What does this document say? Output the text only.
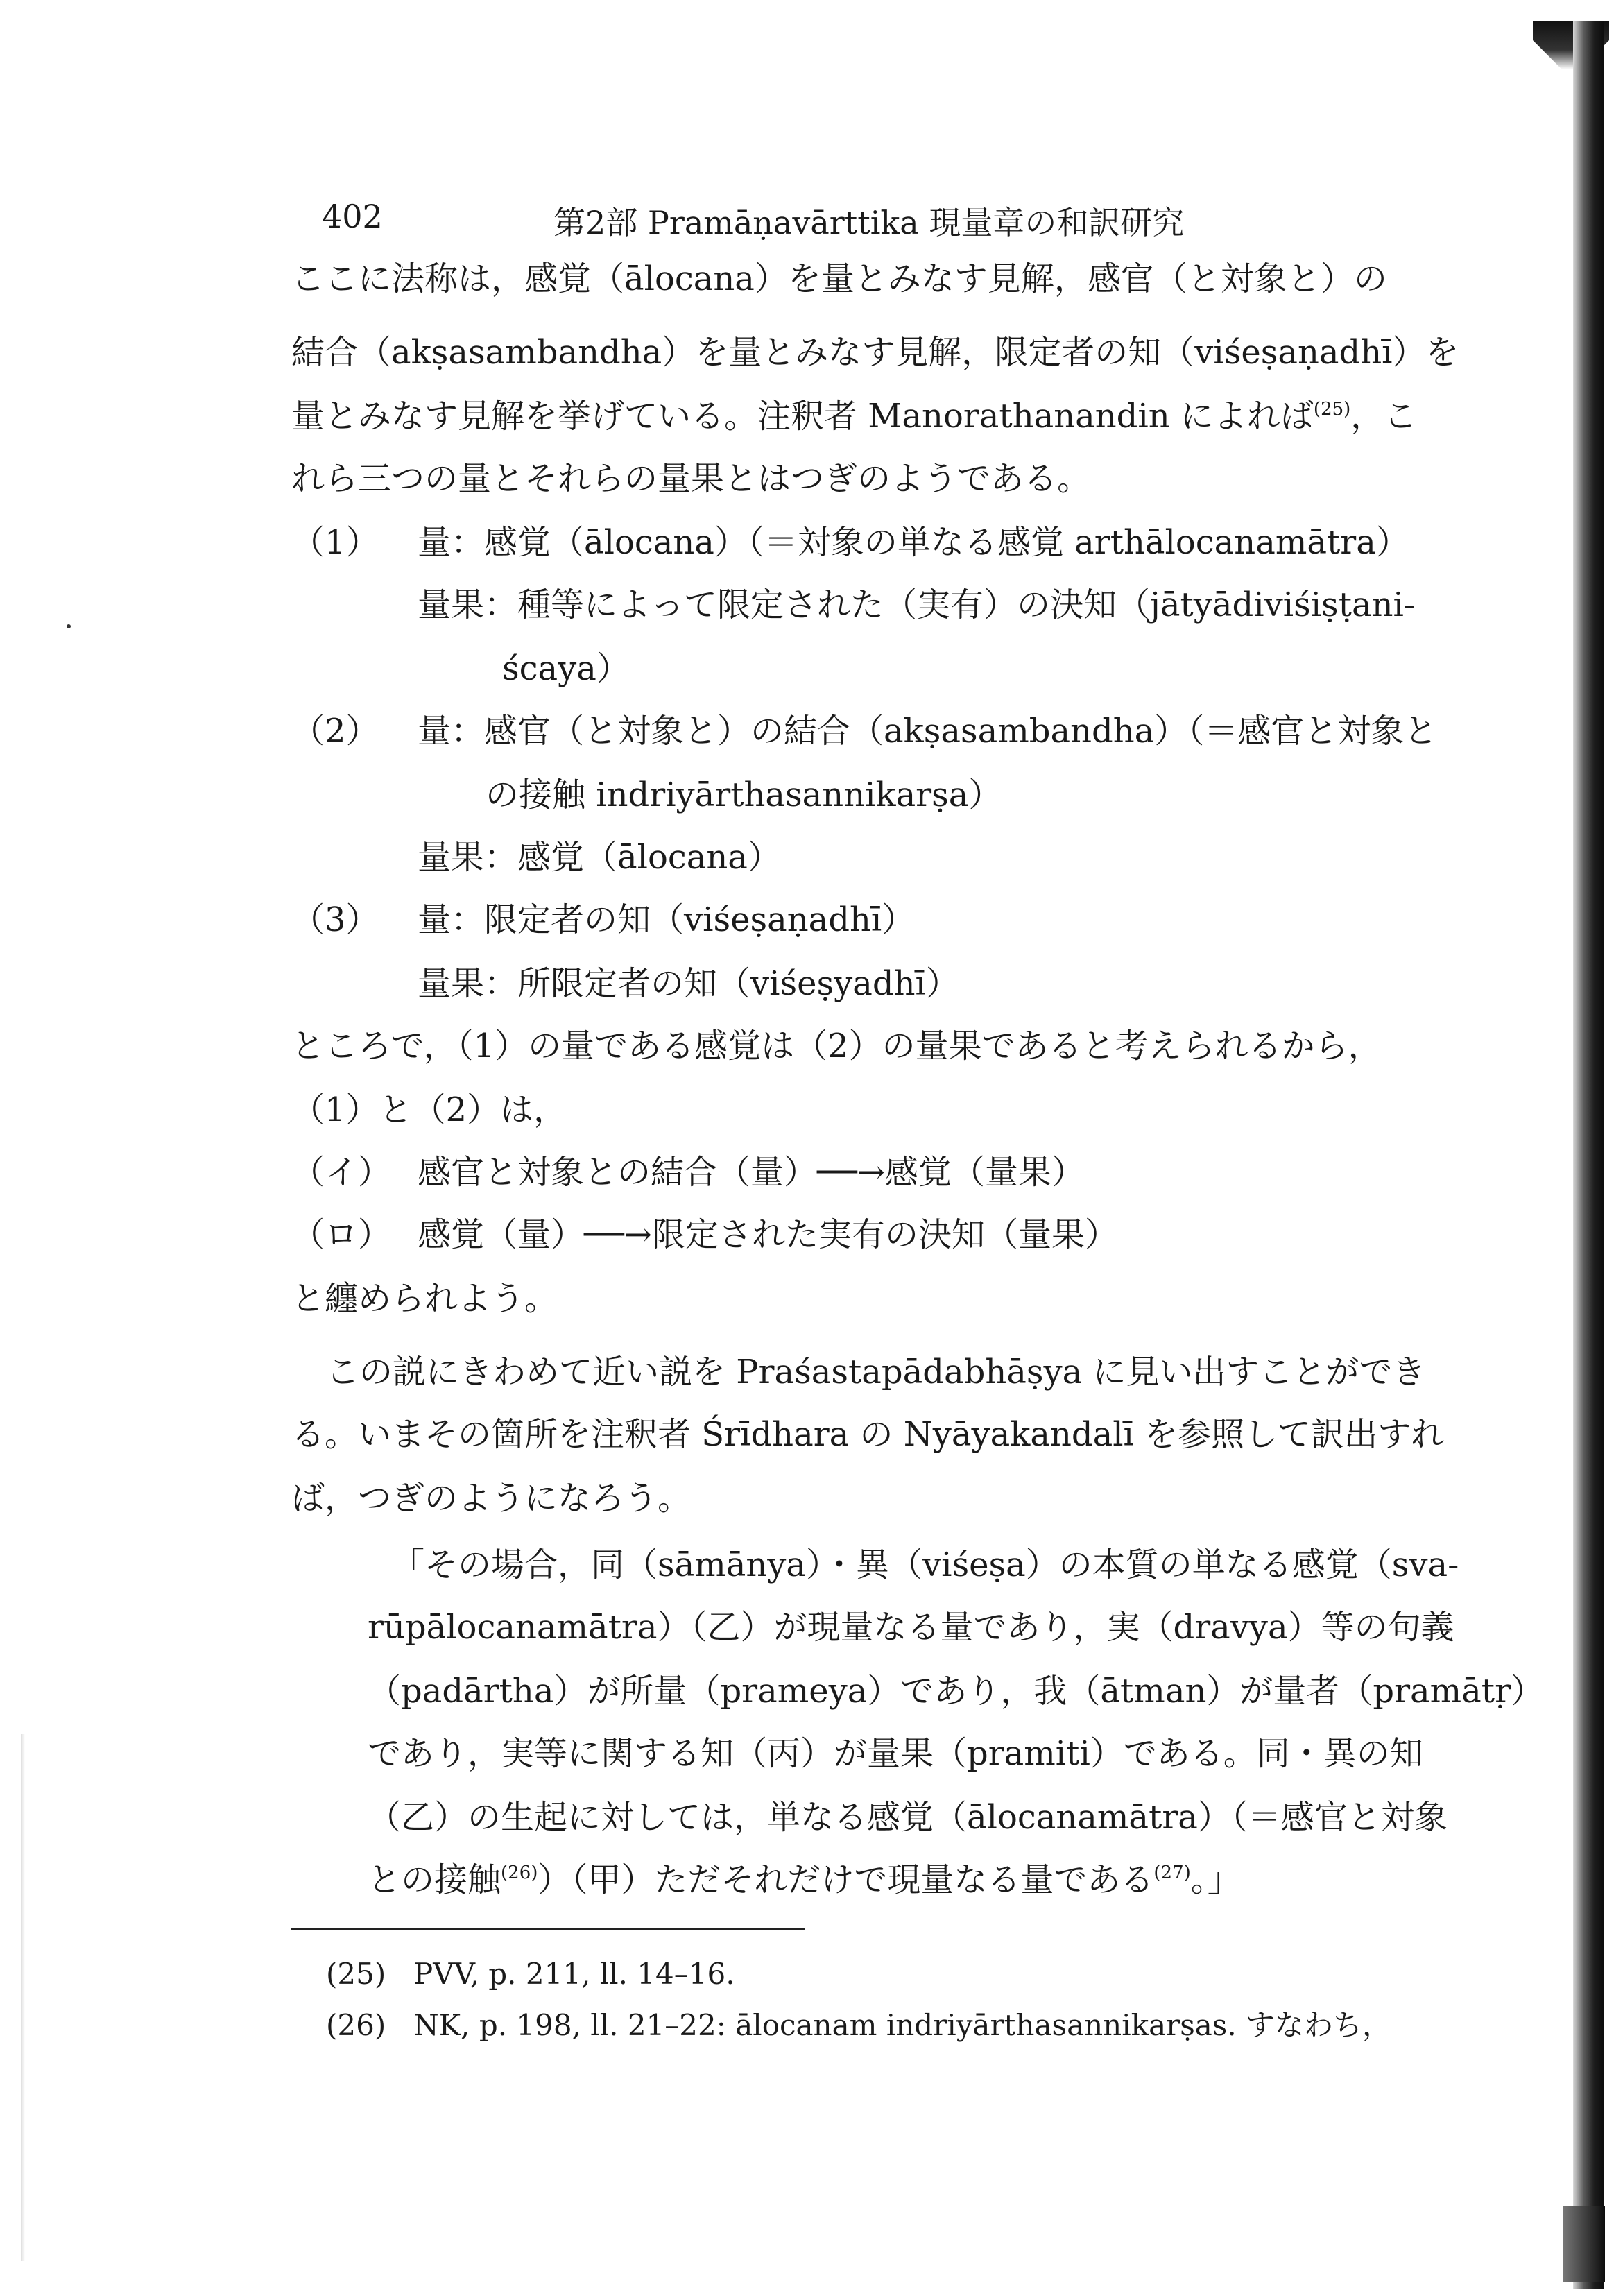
402	第2部 Pramāṇavārttika 現量章の和訳研究
ここに法称は，感覚（ālocana）を量とみなす見解，感官（と対象と）の
結合（akṣasambandha）を量とみなす見解，限定者の知（viśeṣaṇadhī）を
量とみなす見解を挙げている。注釈者 Manorathanandin によれば$^{(25)}$，こ
れら三つの量とそれらの量果とはつぎのようである。
（1） 量：感覚（ālocana）（＝対象の単なる感覚 arthālocanamātra）
量果：種等によって限定された（実有）の決知（jātyādiviśiṣṭani-
ścaya）
（2） 量：感官（と対象と）の結合（akṣasambandha）（＝感官と対象と
の接触 indriyārthasannikarṣa）
量果：感覚（ālocana）
（3） 量：限定者の知（viśeṣaṇadhī）
量果：所限定者の知（viśeṣyadhī）
ところで，（1）の量である感覚は（2）の量果であると考えられるから，
（1）と（2）は，
（イ） 感官と対象との結合（量）──→感覚（量果）
（ロ） 感覚（量）──→限定された実有の決知（量果）
と纏められよう。
この説にきわめて近い説を Praśastapādabhāṣya に見い出すことができ
る。いまその箇所を注釈者 Śrīdhara の Nyāyakandalī を参照して訳出すれ
ば，つぎのようになろう。
「その場合，同（sāmānya）・異（viśeṣa）の本質の単なる感覚（sva-
rūpālocanamātra）（乙）が現量なる量であり，実（dravya）等の句義
（padārtha）が所量（prameya）であり，我（ātman）が量者（pramātṛ）
であり，実等に関する知（丙）が量果（pramiti）である。同・異の知
（乙）の生起に対しては，単なる感覚（ālocanamātra）（＝感官と対象
との接触$^{(26)}$）（甲）ただそれだけで現量なる量である$^{(27)}$。」
(25) PVV, p. 211, ll. 14–16.
(26) NK, p. 198, ll. 21–22: ālocanam indriyārthasannikarṣas. すなわち，
